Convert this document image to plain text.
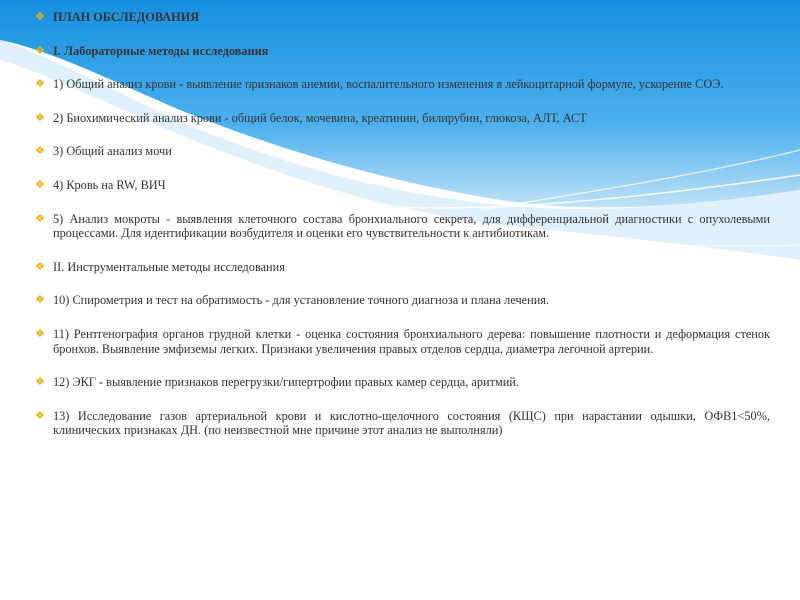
❖ ПЛАН ОБСЛЕДОВАНИЯ
❖ I. Лабораторные методы исследования
❖ 1) Общий анализ крови - выявление признаков анемии, воспалительного изменения в лейкоцитарной формуле, ускорение СОЭ.
❖ 2) Биохимический анализ крови - общий белок, мочевина, креатинин, билирубин, глюкоза, АЛТ, АСТ
❖ 3) Общий анализ мочи
❖ 4) Кровь на RW, ВИЧ
❖ 5) Анализ мокроты - выявления клеточного состава бронхиального секрета, для дифференциальной диагностики с опухолевыми процессами. Для идентификации возбудителя и оценки его чувствительности к антибиотикам.
❖ II. Инструментальные методы исследования
❖ 10) Спирометрия и тест на обратимость - для установление точного диагноза и плана лечения.
❖ 11) Рентгенография органов грудной клетки - оценка состояния бронхиального дерева: повышение плотности и деформация стенок бронхов. Выявление эмфиземы легких. Признаки увеличения правых отделов сердца, диаметра легочной артерии.
❖ 12) ЭКГ - выявление признаков перегрузки/гипертрофии правых камер сердца, аритмий.
❖ 13) Исследование газов артериальной крови и кислотно-щелочного состояния (КЩС) при нарастании одышки, ОФВ1<50%, клинических признаках ДН. (по неизвестной мне причине этот анализ не выполняли)
